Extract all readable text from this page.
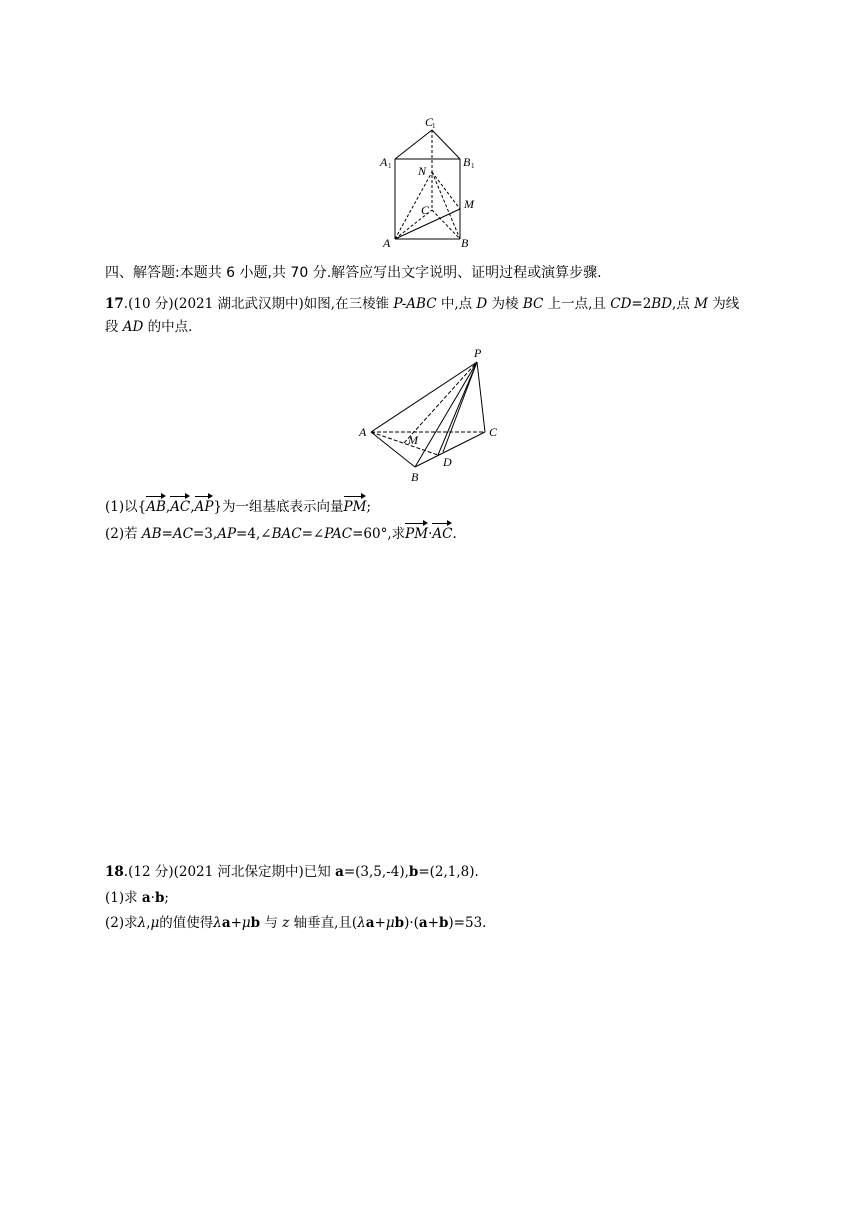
C
1
A 1	B 1
N
C	M
A	B
四、解答题:本题共 6 小题,共 70 分.解答应写出文字说明、证明过程或演算步骤.
17.(10 分)(2021 湖北武汉期中)如图,在三棱锥 P-ABC 中,点 D 为棱 BC 上一点,且 CD=2BD,点 M 为线
段 AD 的中点.
P
A
M
C
D
B
(1)以{AB,AC,AP}为一组基底表示向量PM;
(2)若 AB=AC=3,AP=4,∠BAC=∠PAC=60°,求PM·AC.
18.(12 分)(2021 河北保定期中)已知 a=(3,5,-4),b=(2,1,8).
(1)求 a·b;
(2)求λ,μ的值使得λa+μb 与 z 轴垂直,且(λa+μb)·(a+b)=53.
